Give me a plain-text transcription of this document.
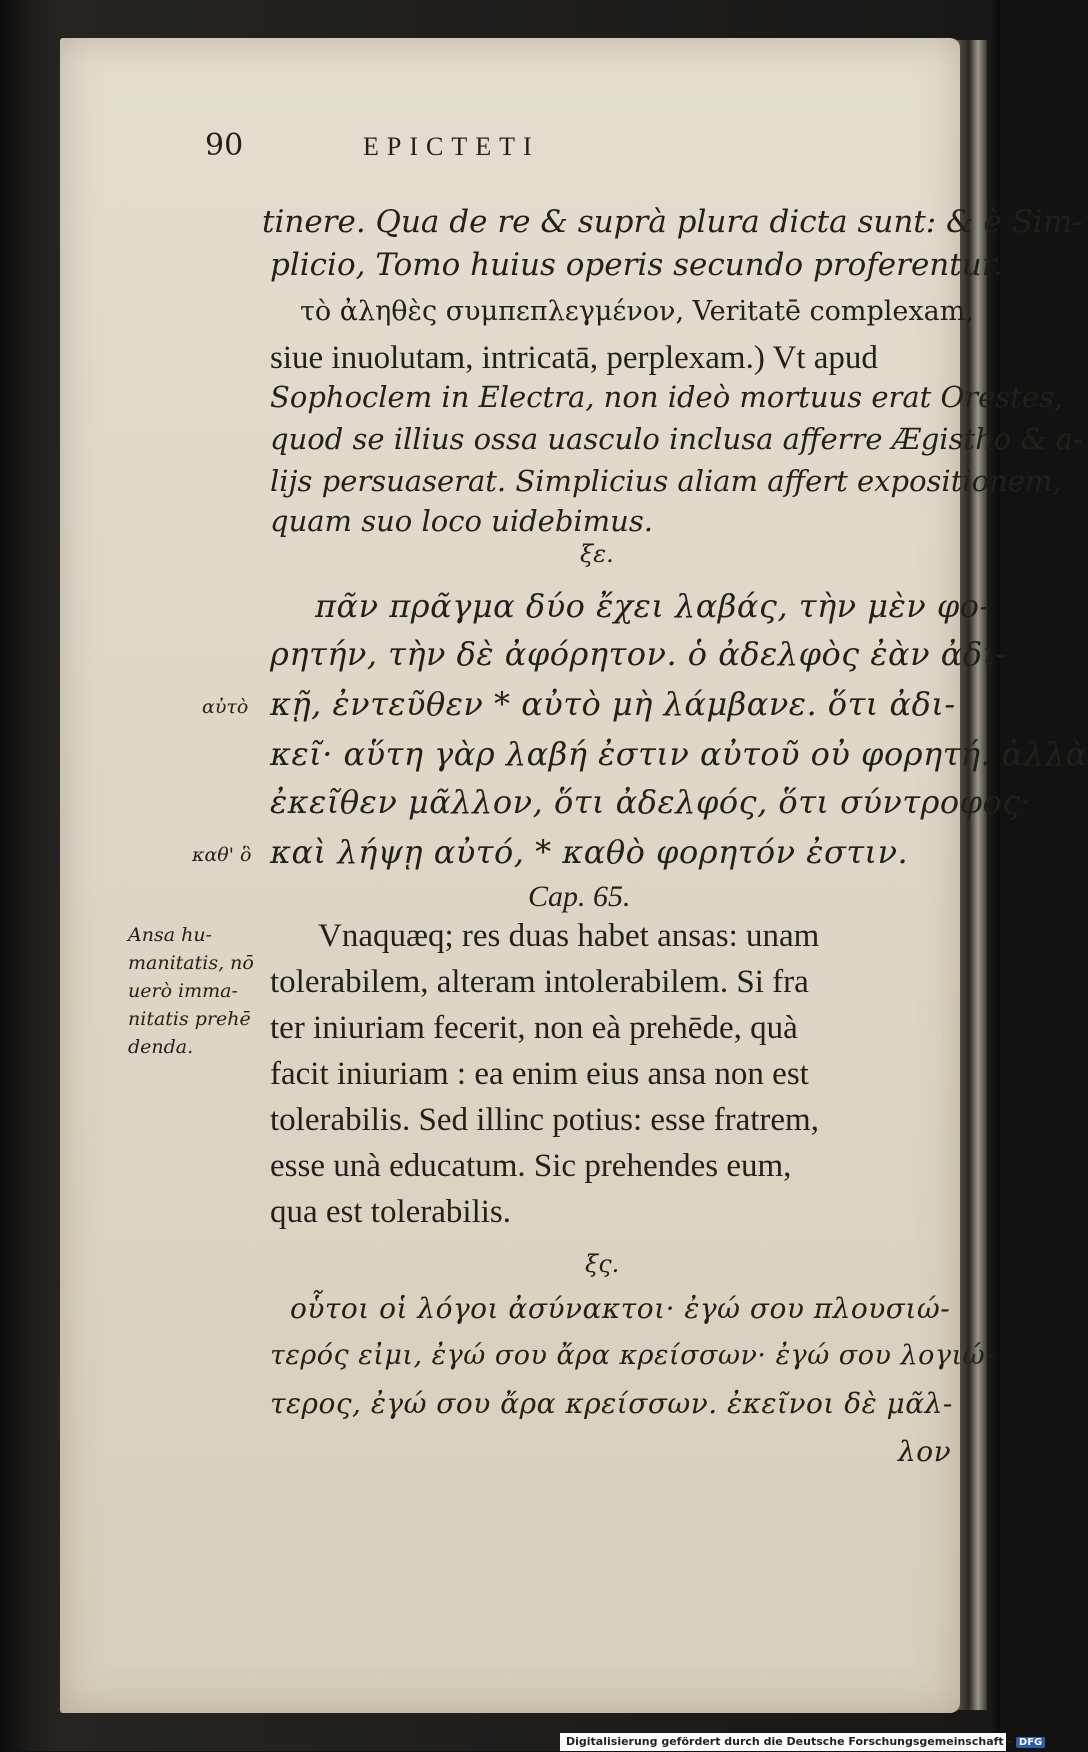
90	EPICTETI
tinere. Qua de re & suprà plura dicta sunt: & è Sim-
plicio, Tomo huius operis secundo proferentur.
τὸ ἀληθὲς συμπεπλεγμένον, Veritatē complexam,
siue inuolutam, intricatā, perplexam.) Vt apud
Sophoclem in Electra, non ideò mortuus erat Orestes,
quod se illius ossa uasculo inclusa afferre Ægistho & a-
lijs persuaserat. Simplicius aliam affert expositionem,
quam suo loco uidebimus.
ξε.
πᾶν πρᾶγμα δύο ἔχει λαβάς, τὴν μὲν φο-
ρητήν, τὴν δὲ ἀφόρητον. ὁ ἀδελφὸς ἐὰν ἀδι-
κῇ, ἐντεῦθεν * αὐτὸ μὴ λάμβανε. ὅτι ἀδι-
κεῖ· αὕτη γὰρ λαβή ἐστιν αὐτοῦ οὐ φορητή. ἀλλὰ
ἐκεῖθεν μᾶλλον, ὅτι ἀδελφός, ὅτι σύντροφος·
καὶ λήψῃ αὐτό, * καθὸ φορητόν ἐστιν.
αὐτὸ
καθ' ὃ
Cap. 65.
Vnaquæq; res duas habet ansas: unam
tolerabilem, alteram intolerabilem. Si fra
ter iniuriam fecerit, non eà prehēde, quà
facit iniuriam : ea enim eius ansa non est
tolerabilis. Sed illinc potius: esse fratrem,
esse unà educatum. Sic prehendes eum,
qua est tolerabilis.
Ansa hu-
manitatis, nō
uerò imma-
nitatis prehē
denda.
ξς.
οὗτοι οἱ λόγοι ἀσύνακτοι· ἐγώ σου πλουσιώ-
τερός εἰμι, ἐγώ σου ἄρα κρείσσων· ἐγώ σου λογιώ-
τερος, ἐγώ σου ἄρα κρείσσων. ἐκεῖνοι δὲ μᾶλ-
λον
Digitalisierung gefördert durch die Deutsche Forschungsgemeinschaft - DFG
